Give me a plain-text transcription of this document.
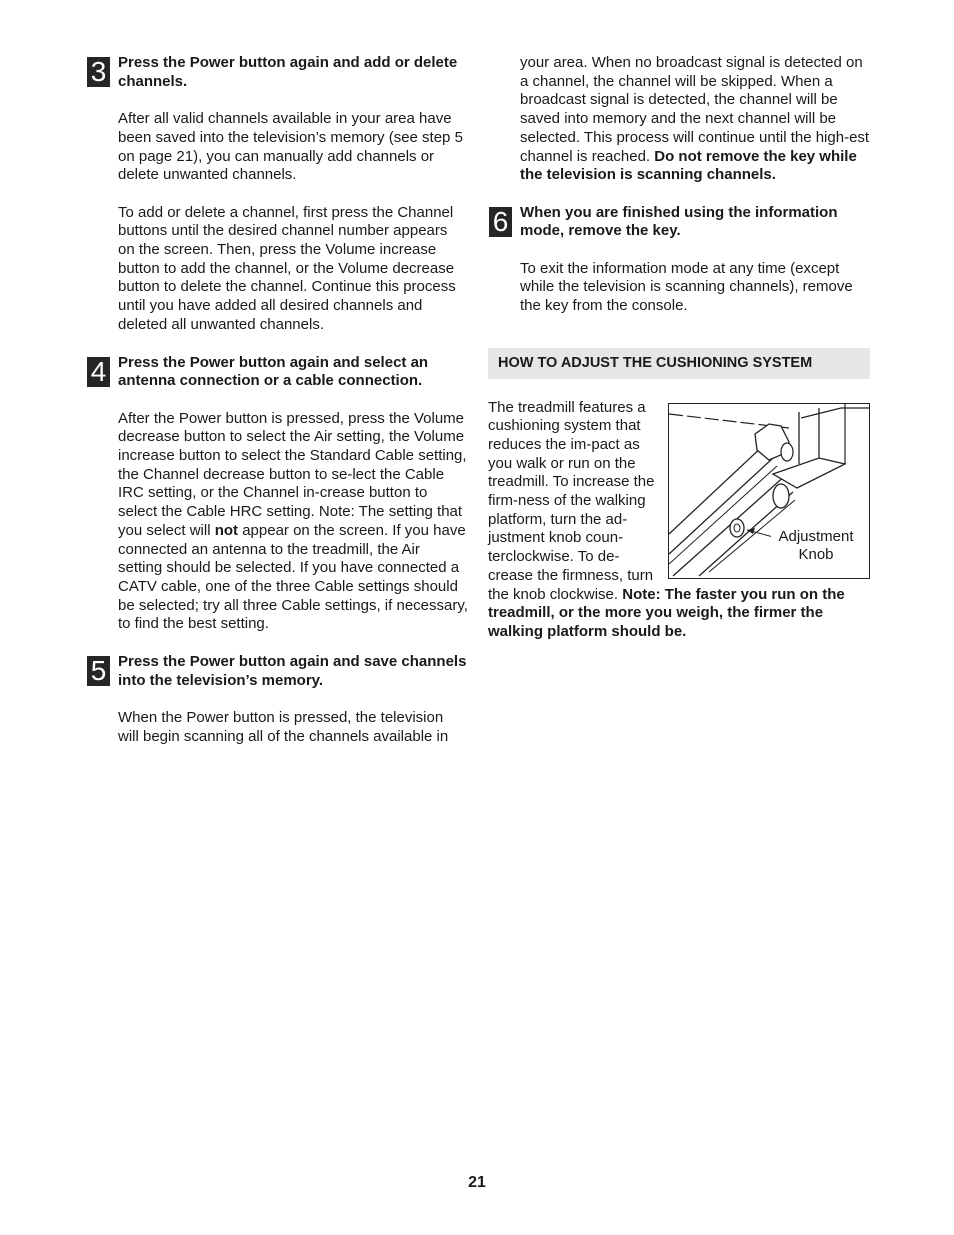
3 Press the Power button again and add or delete channels.

After all valid channels available in your area have been saved into the television’s memory (see step 5 on page 21), you can manually add channels or delete unwanted channels.

To add or delete a channel, first press the Channel buttons until the desired channel number appears on the screen. Then, press the Volume increase button to add the channel, or the Volume decrease button to delete the channel. Continue this process until you have added all desired channels and deleted all unwanted channels.

4 Press the Power button again and select an antenna connection or a cable connection.

After the Power button is pressed, press the Volume decrease button to select the Air setting, the Volume increase button to select the Standard Cable setting, the Channel decrease button to se-lect the Cable IRC setting, or the Channel in-crease button to select the Cable HRC setting. Note: The setting that you select will not appear on the screen. If you have connected an antenna to the treadmill, the Air setting should be selected. If you have connected a CATV cable, one of the three Cable settings should be selected; try all three Cable settings, if necessary, to find the best setting.

5 Press the Power button again and save channels into the television’s memory.

When the Power button is pressed, the television will begin scanning all of the channels available in

your area. When no broadcast signal is detected on a channel, the channel will be skipped. When a broadcast signal is detected, the channel will be saved into memory and the next channel will be selected. This process will continue until the high-est channel is reached. Do not remove the key while the television is scanning channels.

6 When you are finished using the information mode, remove the key.

To exit the information mode at any time (except while the television is scanning channels), remove the key from the console.

HOW TO ADJUST THE CUSHIONING SYSTEM
Adjustment
Knob

The treadmill features a cushioning system that reduces the im-pact as you walk or run on the treadmill. To increase the firm-ness of the walking platform, turn the ad-justment knob coun-terclockwise. To de-crease the firmness, turn the knob clockwise. Note: The faster you run on the treadmill, or the more you weigh, the firmer the walking platform should be.

21
